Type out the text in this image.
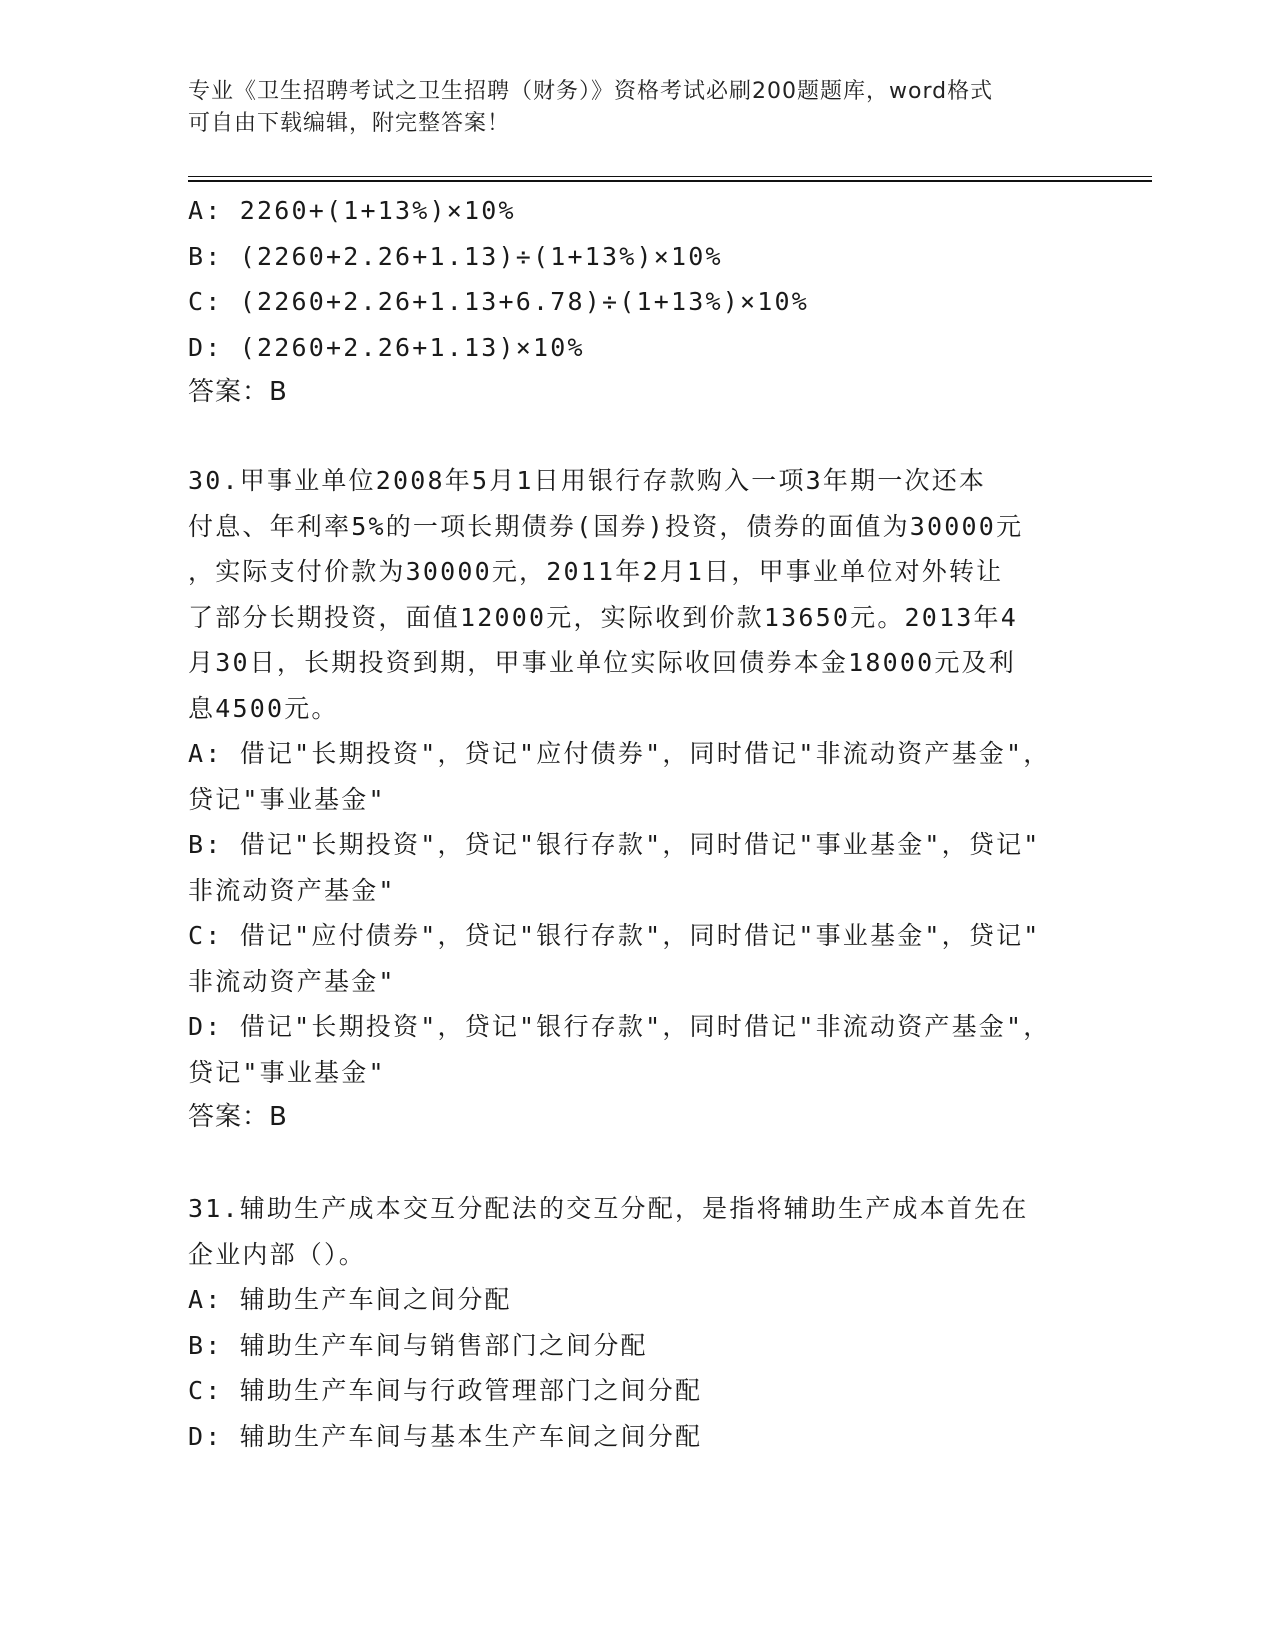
专业《卫生招聘考试之卫生招聘（财务）》资格考试必刷200题题库，word格式
可自由下载编辑，附完整答案！

A: 2260+(1+13%)×10%

B: (2260+2.26+1.13)÷(1+13%)×10%

C: (2260+2.26+1.13+6.78)÷(1+13%)×10%

D: (2260+2.26+1.13)×10%

答案：B

30.甲事业单位2008年5月1日用银行存款购入一项3年期一次还本

付息、年利率5%的一项长期债券(国券)投资，债券的面值为30000元

，实际支付价款为30000元，2011年2月1日，甲事业单位对外转让

了部分长期投资，面值12000元，实际收到价款13650元。2013年4

月30日，长期投资到期，甲事业单位实际收回债券本金18000元及利

息4500元。

A: 借记"长期投资"，贷记"应付债券"，同时借记"非流动资产基金"，

贷记"事业基金"

B: 借记"长期投资"，贷记"银行存款"，同时借记"事业基金"，贷记"

非流动资产基金"

C: 借记"应付债券"，贷记"银行存款"，同时借记"事业基金"，贷记"

非流动资产基金"

D: 借记"长期投资"，贷记"银行存款"，同时借记"非流动资产基金"，

贷记"事业基金"

答案：B

31.辅助生产成本交互分配法的交互分配，是指将辅助生产成本首先在

企业内部（）。

A: 辅助生产车间之间分配

B: 辅助生产车间与销售部门之间分配

C: 辅助生产车间与行政管理部门之间分配

D: 辅助生产车间与基本生产车间之间分配
